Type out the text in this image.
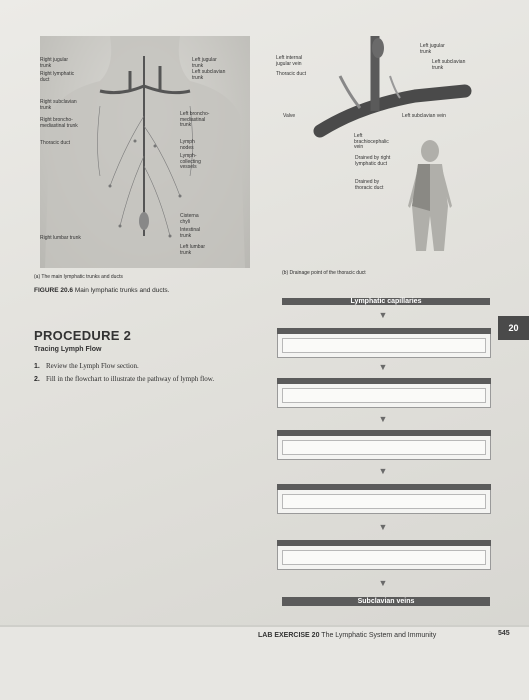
Right jugular
trunk
Right lymphatic
duct
Right subclavian
trunk
Right broncho-
mediastinal trunk
Thoracic duct
Right lumbar trunk
Left jugular
trunk
Left subclavian
trunk
Left broncho-
mediastinal
trunk
Lymph
nodes
Lymph-
collecting
vessels
Cisterna
chyli
Intestinal
trunk
Left lumbar
trunk
Left internal
jugular vein
Thoracic duct
Valve
Left jugular
trunk
Left subclavian
trunk
Left subclavian vein
Left
brachiocephalic
vein
Drained by right
lymphatic duct
Drained by
thoracic duct
(a) The main lymphatic trunks and ducts
(b) Drainage point of the thoracic duct
FIGURE 20.6 Main lymphatic trunks and ducts.
PROCEDURE 2
Tracing Lymph Flow
1. Review the Lymph Flow section.
2. Fill in the flowchart to illustrate the pathway of lymph flow.
20
Lymphatic capillaries
▼
▼
▼
▼
▼
▼
Subclavian veins
LAB EXERCISE 20 The Lymphatic System and Immunity	545
